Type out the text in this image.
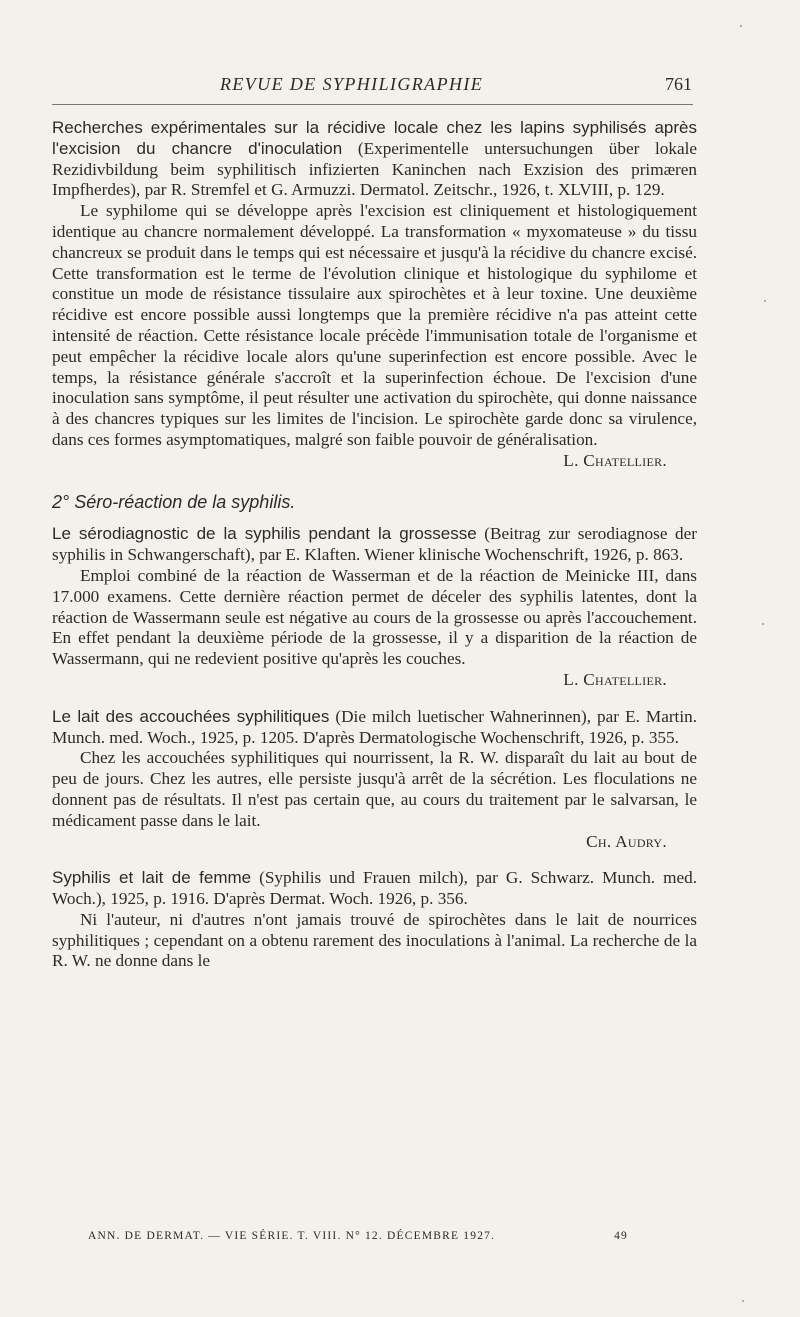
REVUE DE SYPHILIGRAPHIE	761

Recherches expérimentales sur la récidive locale chez les lapins syphilisés après l'excision du chancre d'inoculation (Experimentelle untersuchungen über lokale Rezidivbildung beim syphilitisch infizierten Kaninchen nach Exzision des primæren Impfherdes), par R. Stremfel et G. Armuzzi. Dermatol. Zeitschr., 1926, t. XLVIII, p. 129.

Le syphilome qui se développe après l'excision est cliniquement et histologiquement identique au chancre normalement développé. La transformation « myxomateuse » du tissu chancreux se produit dans le temps qui est nécessaire et jusqu'à la récidive du chancre excisé. Cette transformation est le terme de l'évolution clinique et histologique du syphilome et constitue un mode de résistance tissulaire aux spirochètes et à leur toxine. Une deuxième récidive est encore possible aussi longtemps que la première récidive n'a pas atteint cette intensité de réaction. Cette résistance locale précède l'immunisation totale de l'organisme et peut empêcher la récidive locale alors qu'une superinfection est encore possible. Avec le temps, la résistance générale s'accroît et la superinfection échoue. De l'excision d'une inoculation sans symptôme, il peut résulter une activation du spirochète, qui donne naissance à des chancres typiques sur les limites de l'incision. Le spirochète garde donc sa virulence, dans ces formes asymptomatiques, malgré son faible pouvoir de généralisation.

L. Chatellier.
2° Séro-réaction de la syphilis.

Le sérodiagnostic de la syphilis pendant la grossesse (Beitrag zur serodiagnose der syphilis in Schwangerschaft), par E. Klaften. Wiener klinische Wochenschrift, 1926, p. 863.

Emploi combiné de la réaction de Wasserman et de la réaction de Meinicke III, dans 17.000 examens. Cette dernière réaction permet de déceler des syphilis latentes, dont la réaction de Wassermann seule est négative au cours de la grossesse ou après l'accouchement. En effet pendant la deuxième période de la grossesse, il y a disparition de la réaction de Wassermann, qui ne redevient positive qu'après les couches.

L. Chatellier.

Le lait des accouchées syphilitiques (Die milch luetischer Wahnerinnen), par E. Martin. Munch. med. Woch., 1925, p. 1205. D'après Dermatologische Wochenschrift, 1926, p. 355.

Chez les accouchées syphilitiques qui nourrissent, la R. W. disparaît du lait au bout de peu de jours. Chez les autres, elle persiste jusqu'à arrêt de la sécrétion. Les floculations ne donnent pas de résultats. Il n'est pas certain que, au cours du traitement par le salvarsan, le médicament passe dans le lait.

Ch. Audry.

Syphilis et lait de femme (Syphilis und Frauen milch), par G. Schwarz. Munch. med. Woch.), 1925, p. 1916. D'après Dermat. Woch. 1926, p. 356.

Ni l'auteur, ni d'autres n'ont jamais trouvé de spirochètes dans le lait de nourrices syphilitiques ; cependant on a obtenu rarement des inoculations à l'animal. La recherche de la R. W. ne donne dans le

ANN. DE DERMAT. — VIE SÉRIE. T. VIII. N° 12. DÉCEMBRE 1927.	49
